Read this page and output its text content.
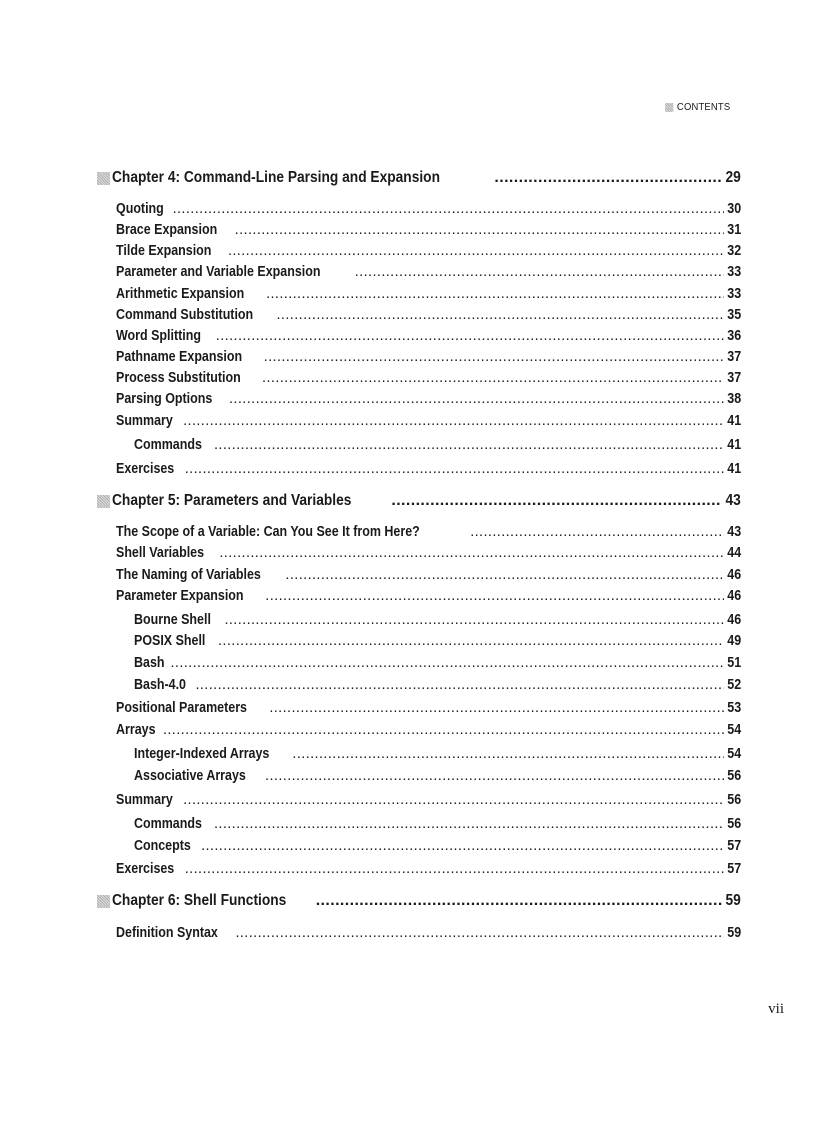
CONTENTS
Chapter 4: Command-Line Parsing and Expansion .....	29
Quoting .....	30
Brace Expansion .....	31
Tilde Expansion .....	32
Parameter and Variable Expansion .....	33
Arithmetic Expansion .....	33
Command Substitution .....	35
Word Splitting .....	36
Pathname Expansion .....	37
Process Substitution .....	37
Parsing Options .....	38
Summary .....	41
Commands .....	41
Exercises .....	41
Chapter 5: Parameters and Variables .....	43
The Scope of a Variable: Can You See It from Here? .....	43
Shell Variables .....	44
The Naming of Variables .....	46
Parameter Expansion .....	46
Bourne Shell .....	46
POSIX Shell .....	49
Bash .....	51
Bash-4.0 .....	52
Positional Parameters .....	53
Arrays .....	54
Integer-Indexed Arrays .....	54
Associative Arrays .....	56
Summary .....	56
Commands .....	56
Concepts .....	57
Exercises .....	57
Chapter 6: Shell Functions .....	59
Definition Syntax .....	59
vii
